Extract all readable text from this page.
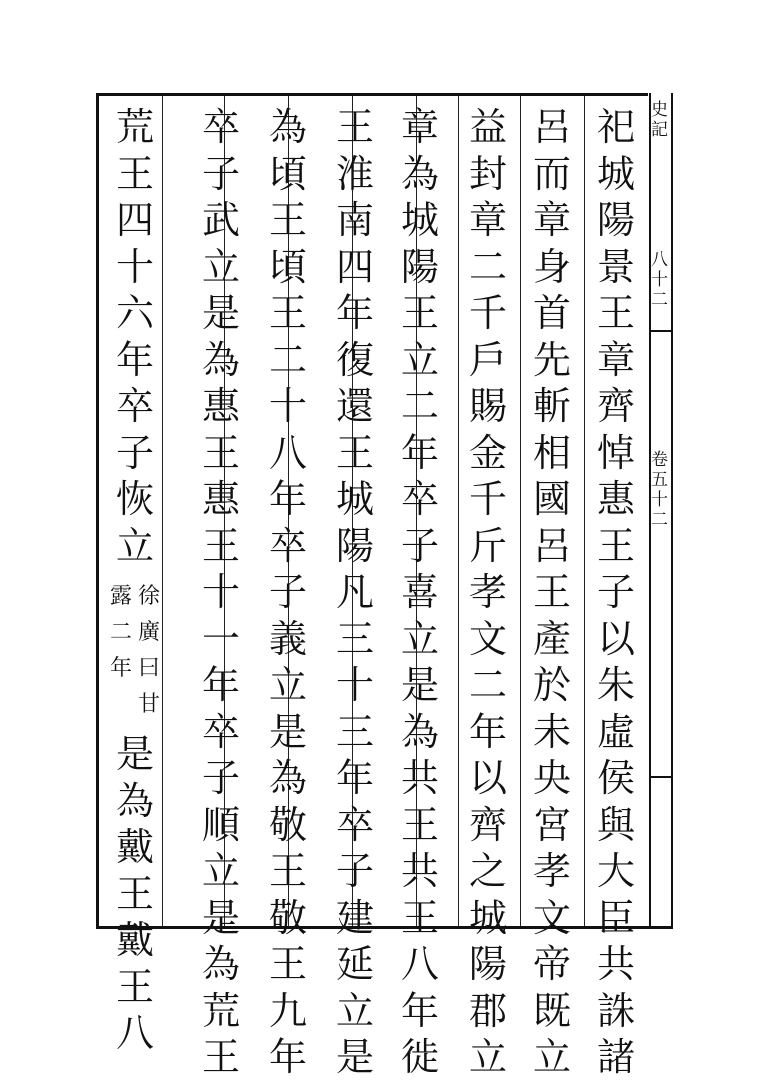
史記
八十二
卷五十二
祀
城
陽
景
王
章
齊
悼
惠
王
子
以
朱
虛
侯
與
大
臣
共
誅
諸
呂
而
章
身
首
先
斬
相
國
呂
王
產
於
未
央
宮
孝
文
帝
既
立
益
封
章
二
千
戶
賜
金
千
斤
孝
文
二
年
以
齊
之
城
陽
郡
立
章
為
城
陽
王
立
二
年
卒
子
喜
立
是
為
共
王
共
王
八
年
徙
王
淮
南
四
年
復
還
王
城
陽
凡
三
十
三
年
卒
子
建
延
立
是
為
頃
王
頃
王
二
十
八
年
卒
子
義
立
是
為
敬
王
敬
王
九
年
卒
子
武
立
是
為
惠
王
惠
王
十
一
年
卒
子
順
立
是
為
荒
王
荒
王
四
十
六
年
卒
子
恢
立
徐
廣
曰
甘
露
二
年
是
為
戴
王
戴
王
八
